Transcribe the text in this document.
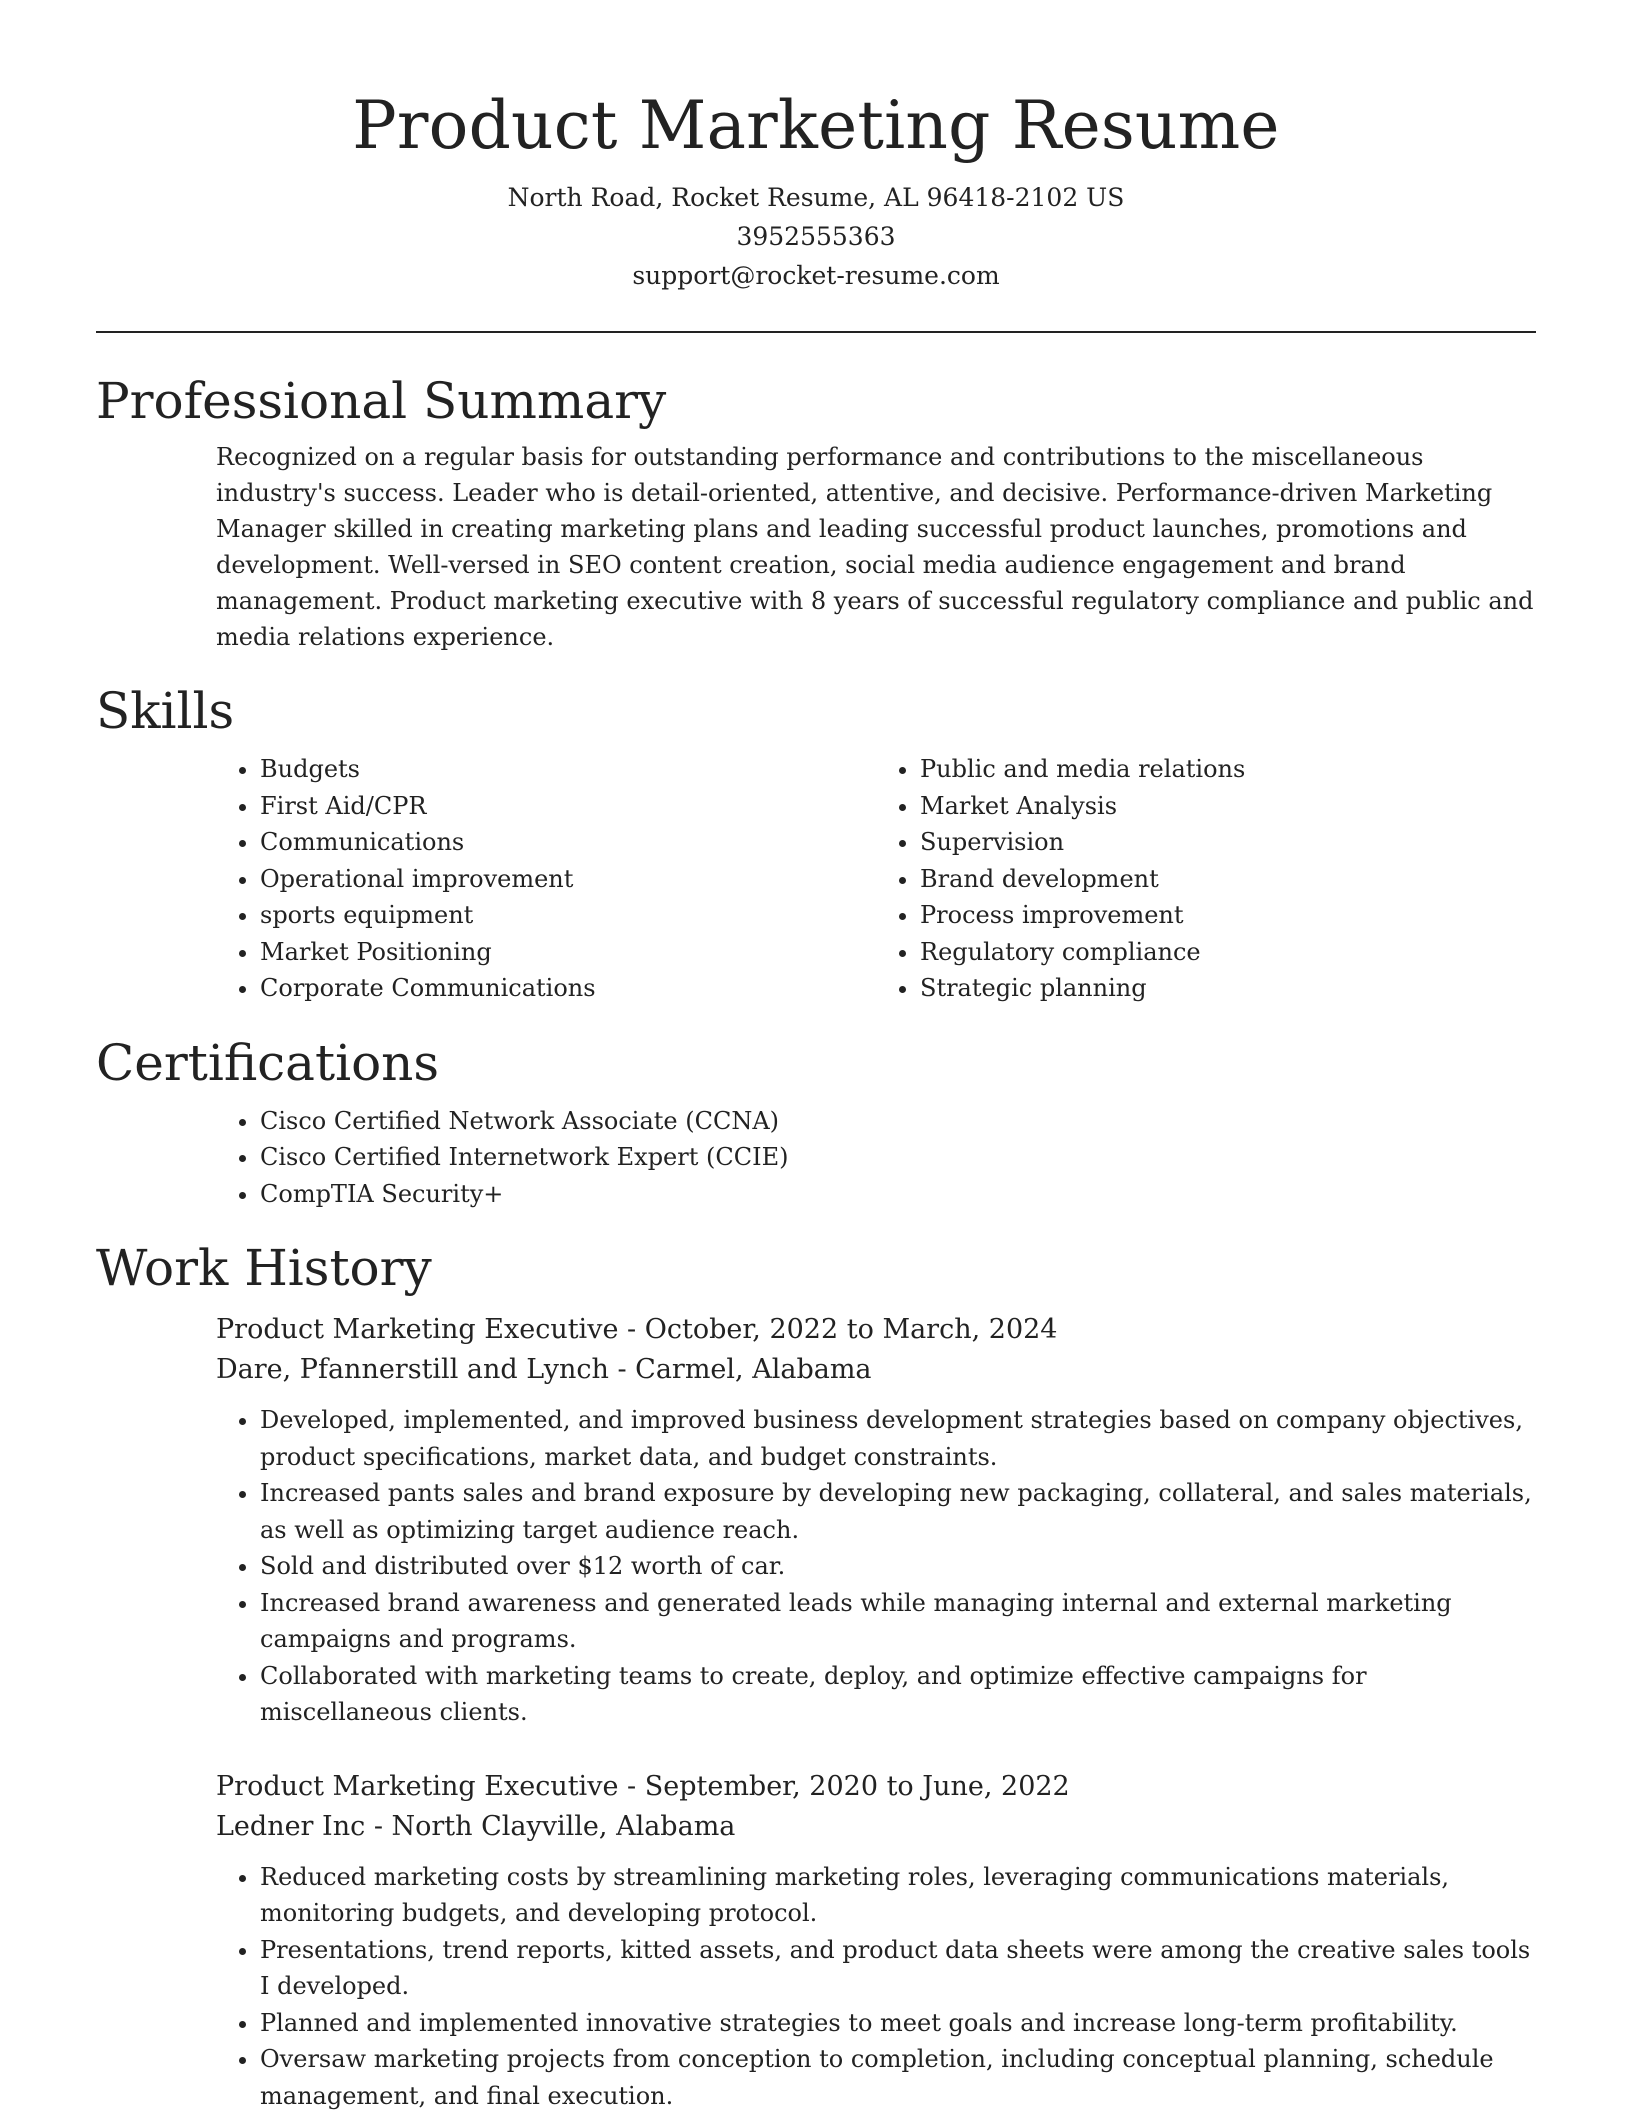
Product Marketing Resume
North Road, Rocket Resume, AL 96418-2102 US
3952555363
support@rocket-resume.com
Professional Summary

Recognized on a regular basis for outstanding performance and contributions to the miscellaneous industry's success. Leader who is detail-oriented, attentive, and decisive. Performance-driven Marketing Manager skilled in creating marketing plans and leading successful product launches, promotions and development. Well-versed in SEO content creation, social media audience engagement and brand management. Product marketing executive with 8 years of successful regulatory compliance and public and media relations experience.

Skills
• Budgets
• First Aid/CPR
• Communications
• Operational improvement
• sports equipment
• Market Positioning
• Corporate Communications
• Public and media relations
• Market Analysis
• Supervision
• Brand development
• Process improvement
• Regulatory compliance
• Strategic planning
Certifications
• Cisco Certified Network Associate (CCNA)
• Cisco Certified Internetwork Expert (CCIE)
• CompTIA Security+
Work History
Product Marketing Executive - October, 2022 to March, 2024
Dare, Pfannerstill and Lynch - Carmel, Alabama
• Developed, implemented, and improved business development strategies based on company objectives, product specifications, market data, and budget constraints.
• Increased pants sales and brand exposure by developing new packaging, collateral, and sales materials, as well as optimizing target audience reach.
• Sold and distributed over $12 worth of car.
• Increased brand awareness and generated leads while managing internal and external marketing campaigns and programs.
• Collaborated with marketing teams to create, deploy, and optimize effective campaigns for miscellaneous clients.
Product Marketing Executive - September, 2020 to June, 2022
Ledner Inc - North Clayville, Alabama
• Reduced marketing costs by streamlining marketing roles, leveraging communications materials, monitoring budgets, and developing protocol.
• Presentations, trend reports, kitted assets, and product data sheets were among the creative sales tools I developed.
• Planned and implemented innovative strategies to meet goals and increase long-term profitability.
• Oversaw marketing projects from conception to completion, including conceptual planning, schedule management, and final execution.
